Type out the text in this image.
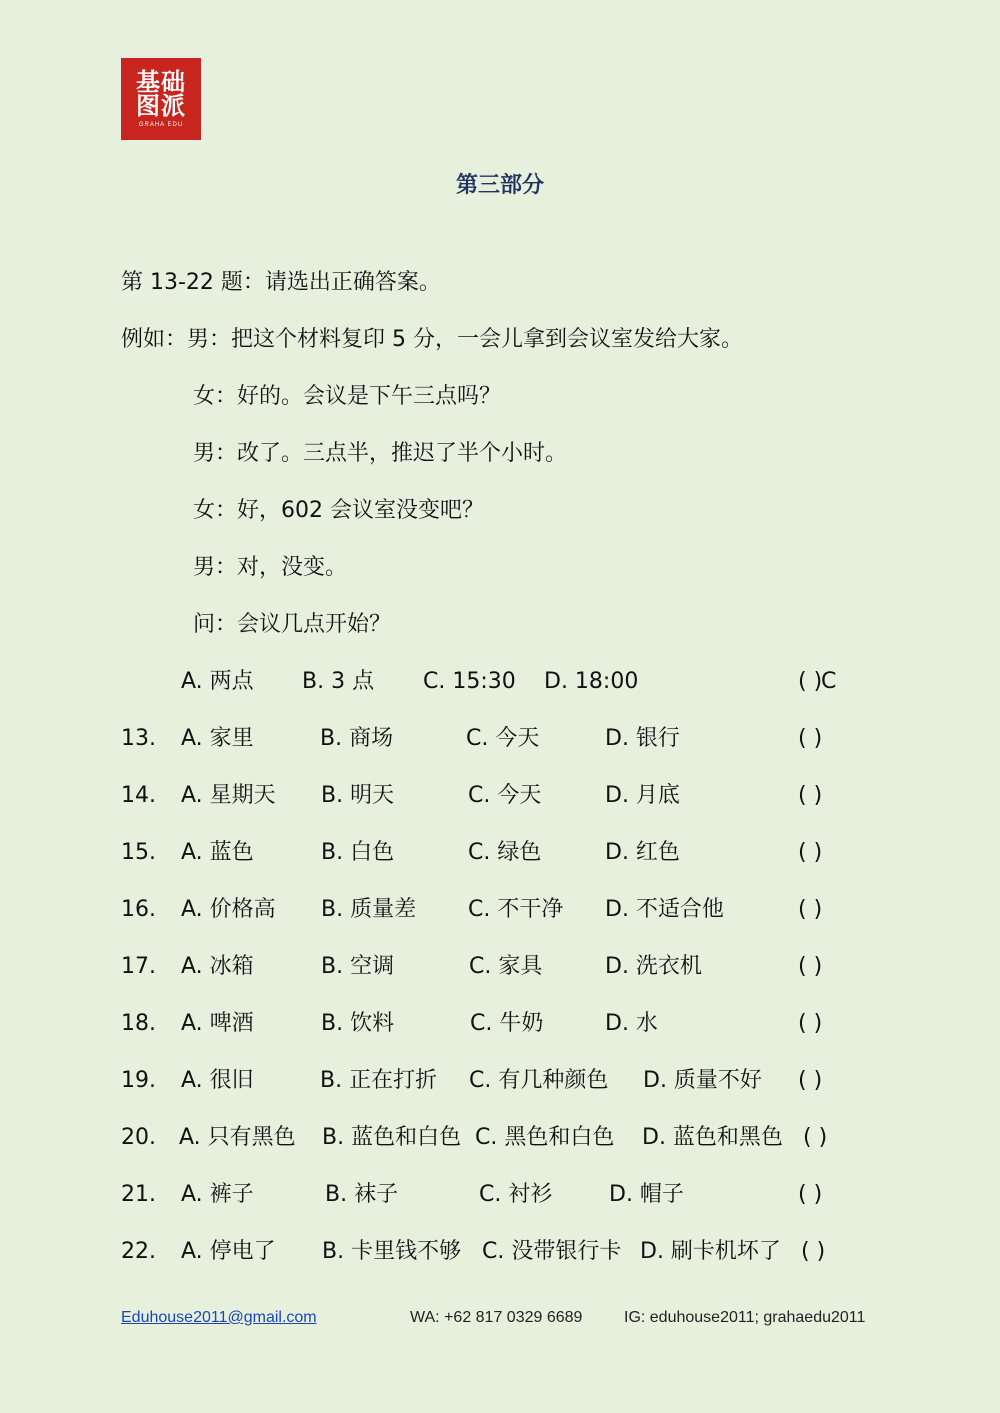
基础
图派
GRAHA EDU
第三部分
第 13-22 题：请选出正确答案。
例如：男：把这个材料复印 5 分，一会儿拿到会议室发给大家。
女：好的。会议是下午三点吗？
男：改了。三点半，推迟了半个小时。
女：好，602 会议室没变吧？
男：对，没变。
问：会议几点开始？
A. 两点 B. 3 点 C. 15:30 D. 18:00	( )
C
13. A. 家里	B. 商场	C. 今天	D. 银行	( )
14. A. 星期天 B. 明天	C. 今天	D. 月底	( )
15. A. 蓝色	B. 白色	C. 绿色	D. 红色	( )
16. A. 价格高 B. 质量差 C. 不干净 D. 不适合他	( )
17. A. 冰箱	B. 空调	C. 家具	D. 洗衣机	( )
18. A. 啤酒	B. 饮料	C. 牛奶	D. 水	( )
19. A. 很旧	B. 正在打折 C. 有几种颜色 D. 质量不好 ( )
20. A. 只有黑色 B. 蓝色和白色 C. 黑色和白色 D. 蓝色和黑色 ( )
21. A. 裤子	B. 袜子	C. 衬衫	D. 帽子	( )
22. A. 停电了 B. 卡里钱不够 C. 没带银行卡 D. 刷卡机坏了 ( )
Eduhouse2011@gmail.com	WA: +62 817 0329 6689	IG: eduhouse2011; grahaedu2011
